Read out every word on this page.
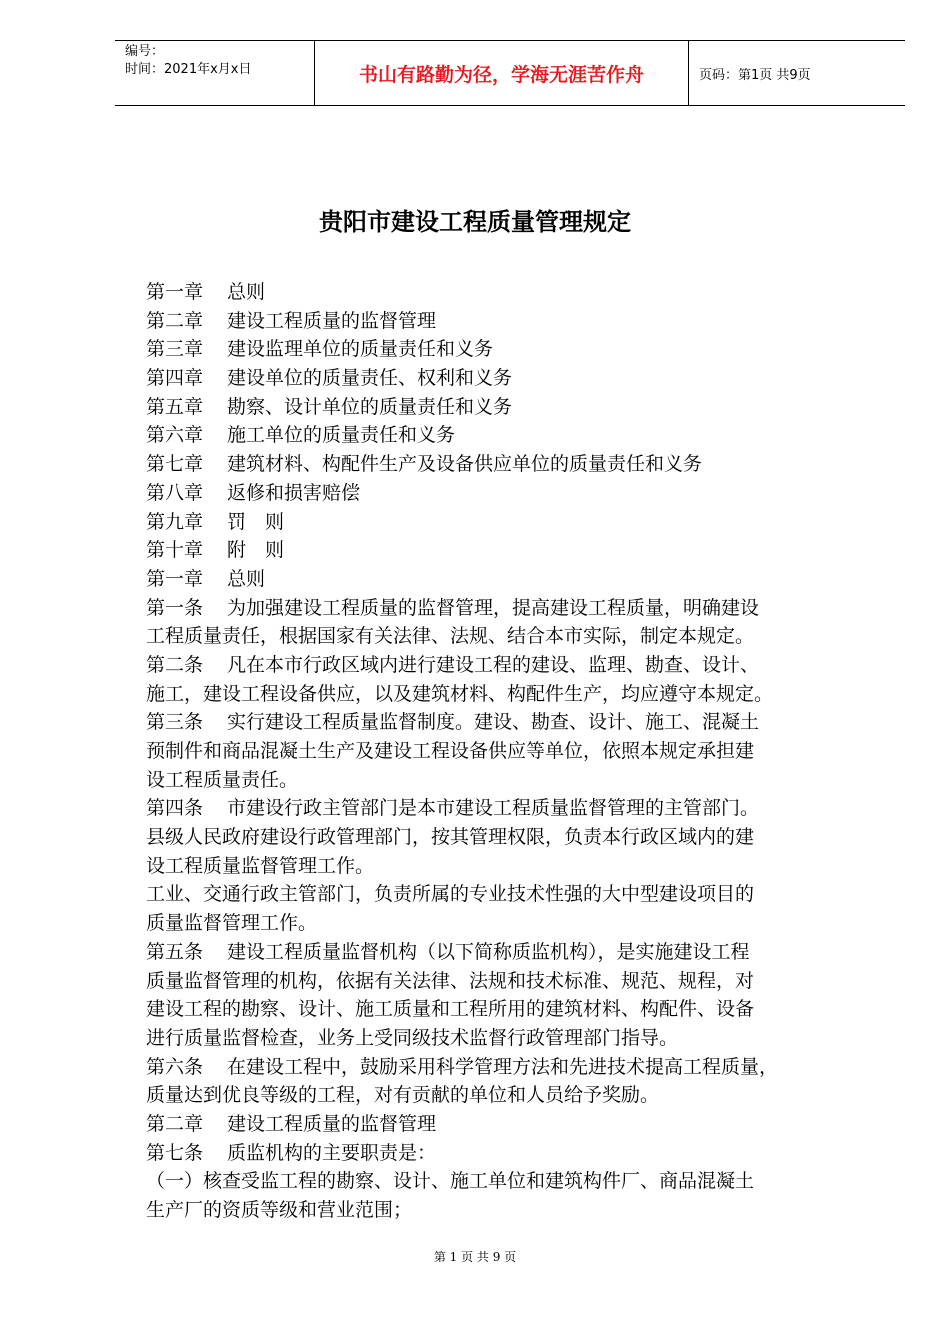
编号：
时间：2021年x月x日	书山有路勤为径，学海无涯苦作舟	页码：第1页 共9页
贵阳市建设工程质量管理规定
第一章 总则
第二章 建设工程质量的监督管理
第三章 建设监理单位的质量责任和义务
第四章 建设单位的质量责任、权利和义务
第五章 勘察、设计单位的质量责任和义务
第六章 施工单位的质量责任和义务
第七章 建筑材料、构配件生产及设备供应单位的质量责任和义务
第八章 返修和损害赔偿
第九章 罚　则
第十章 附　则
第一章 总则
第一条 为加强建设工程质量的监督管理，提高建设工程质量，明确建设
工程质量责任，根据国家有关法律、法规、结合本市实际，制定本规定。
第二条 凡在本市行政区域内进行建设工程的建设、监理、勘查、设计、
施工，建设工程设备供应，以及建筑材料、构配件生产，均应遵守本规定。
第三条 实行建设工程质量监督制度。建设、勘查、设计、施工、混凝土
预制件和商品混凝土生产及建设工程设备供应等单位，依照本规定承担建
设工程质量责任。
第四条 市建设行政主管部门是本市建设工程质量监督管理的主管部门。
县级人民政府建设行政管理部门，按其管理权限，负责本行政区域内的建
设工程质量监督管理工作。
工业、交通行政主管部门，负责所属的专业技术性强的大中型建设项目的
质量监督管理工作。
第五条 建设工程质量监督机构（以下简称质监机构），是实施建设工程
质量监督管理的机构，依据有关法律、法规和技术标准、规范、规程，对
建设工程的勘察、设计、施工质量和工程所用的建筑材料、构配件、设备
进行质量监督检查，业务上受同级技术监督行政管理部门指导。
第六条 在建设工程中，鼓励采用科学管理方法和先进技术提高工程质量，
质量达到优良等级的工程，对有贡献的单位和人员给予奖励。
第二章 建设工程质量的监督管理
第七条 质监机构的主要职责是：
（一）核查受监工程的勘察、设计、施工单位和建筑构件厂、商品混凝土
生产厂的资质等级和营业范围；
第 1 页 共 9 页
